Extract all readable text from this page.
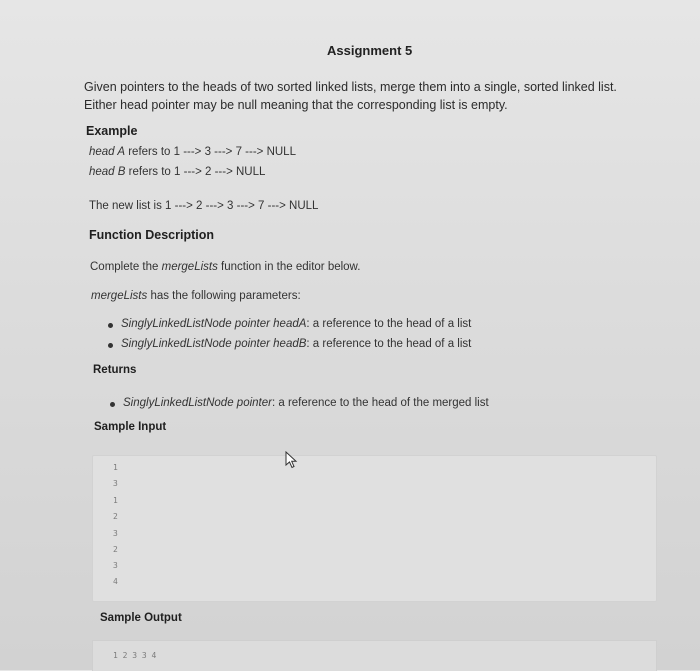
Assignment 5
Given pointers to the heads of two sorted linked lists, merge them into a single, sorted linked list.
Either head pointer may be null meaning that the corresponding list is empty.
Example
head A refers to 1 ---> 3 ---> 7 ---> NULL
head B refers to 1 ---> 2 ---> NULL
The new list is 1 ---> 2 ---> 3 ---> 7 ---> NULL
Function Description
Complete the mergeLists function in the editor below.
mergeLists has the following parameters:
SinglyLinkedListNode pointer headA: a reference to the head of a list
SinglyLinkedListNode pointer headB: a reference to the head of a list
Returns
SinglyLinkedListNode pointer: a reference to the head of the merged list
Sample Input
1
3
1
2
3
2
3
4
Sample Output
1 2 3 3 4
